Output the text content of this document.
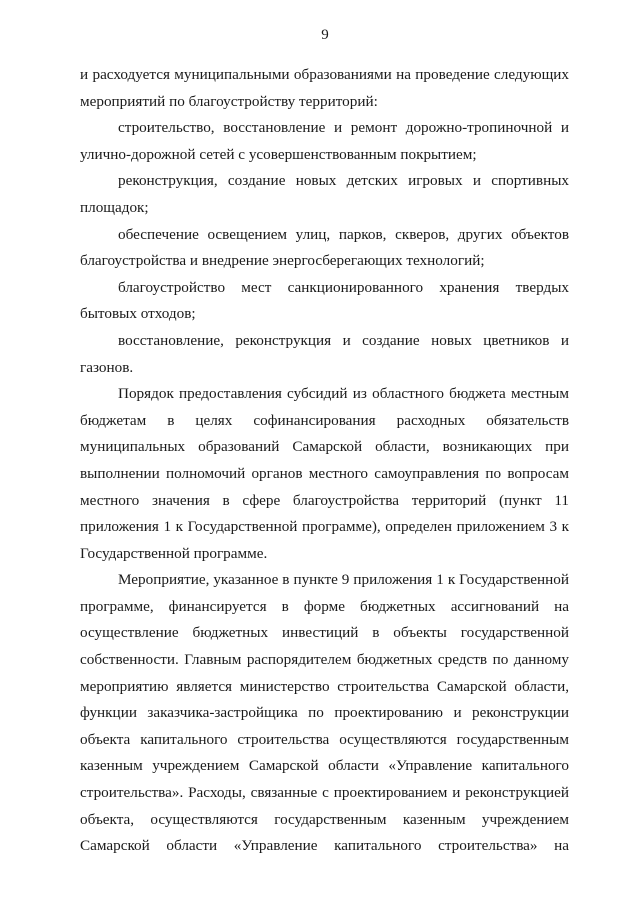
9

и расходуется муниципальными образованиями на проведение следующих мероприятий по благоустройству территорий:

строительство, восстановление и ремонт дорожно-тропиночной и улично-дорожной сетей с усовершенствованным покрытием;

реконструкция, создание новых детских игровых и спортивных площадок;

обеспечение освещением улиц, парков, скверов, других объектов благоустройства и внедрение энергосберегающих технологий;

благоустройство мест санкционированного хранения твердых бытовых отходов;

восстановление, реконструкция и создание новых цветников и газонов.

Порядок предоставления субсидий из областного бюджета местным бюджетам в целях софинансирования расходных обязательств муниципальных образований Самарской области, возникающих при выполнении полномочий органов местного самоуправления по вопросам местного значения в сфере благоустройства территорий (пункт 11 приложения 1 к Государственной программе), определен приложением 3 к Государственной программе.

Мероприятие, указанное в пункте 9 приложения 1 к Государственной программе, финансируется в форме бюджетных ассигнований на осуществление бюджетных инвестиций в объекты государственной собственности. Главным распорядителем бюджетных средств по данному мероприятию является министерство строительства Самарской области, функции заказчика-застройщика по проектированию и реконструкции объекта капитального строительства осуществляются государственным казенным учреждением Самарской области «Управление капитального строительства». Расходы, связанные с проектированием и реконструкцией объекта, осуществляются государственным казенным учреждением Самарской области «Управление капитального строительства» на
